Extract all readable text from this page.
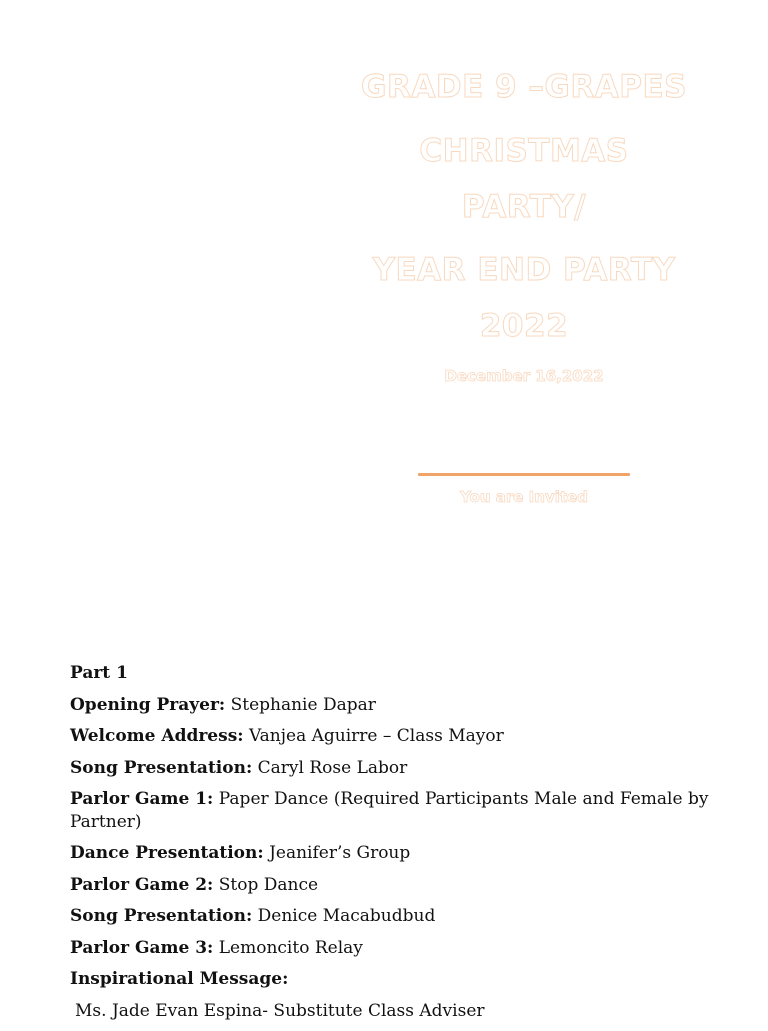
GRADE 9 –GRAPES
CHRISTMAS
PARTY/
YEAR END PARTY
2022
December 16,2022
You are Invited
Part 1
Opening Prayer: Stephanie Dapar
Welcome Address: Vanjea Aguirre – Class Mayor
Song Presentation: Caryl Rose Labor
Parlor Game 1: Paper Dance (Required Participants Male and Female by Partner)
Dance Presentation: Jeanifer’s Group
Parlor Game 2: Stop Dance
Song Presentation: Denice Macabudbud
Parlor Game 3: Lemoncito Relay
Inspirational Message:
Ms. Jade Evan Espina- Substitute Class Adviser
